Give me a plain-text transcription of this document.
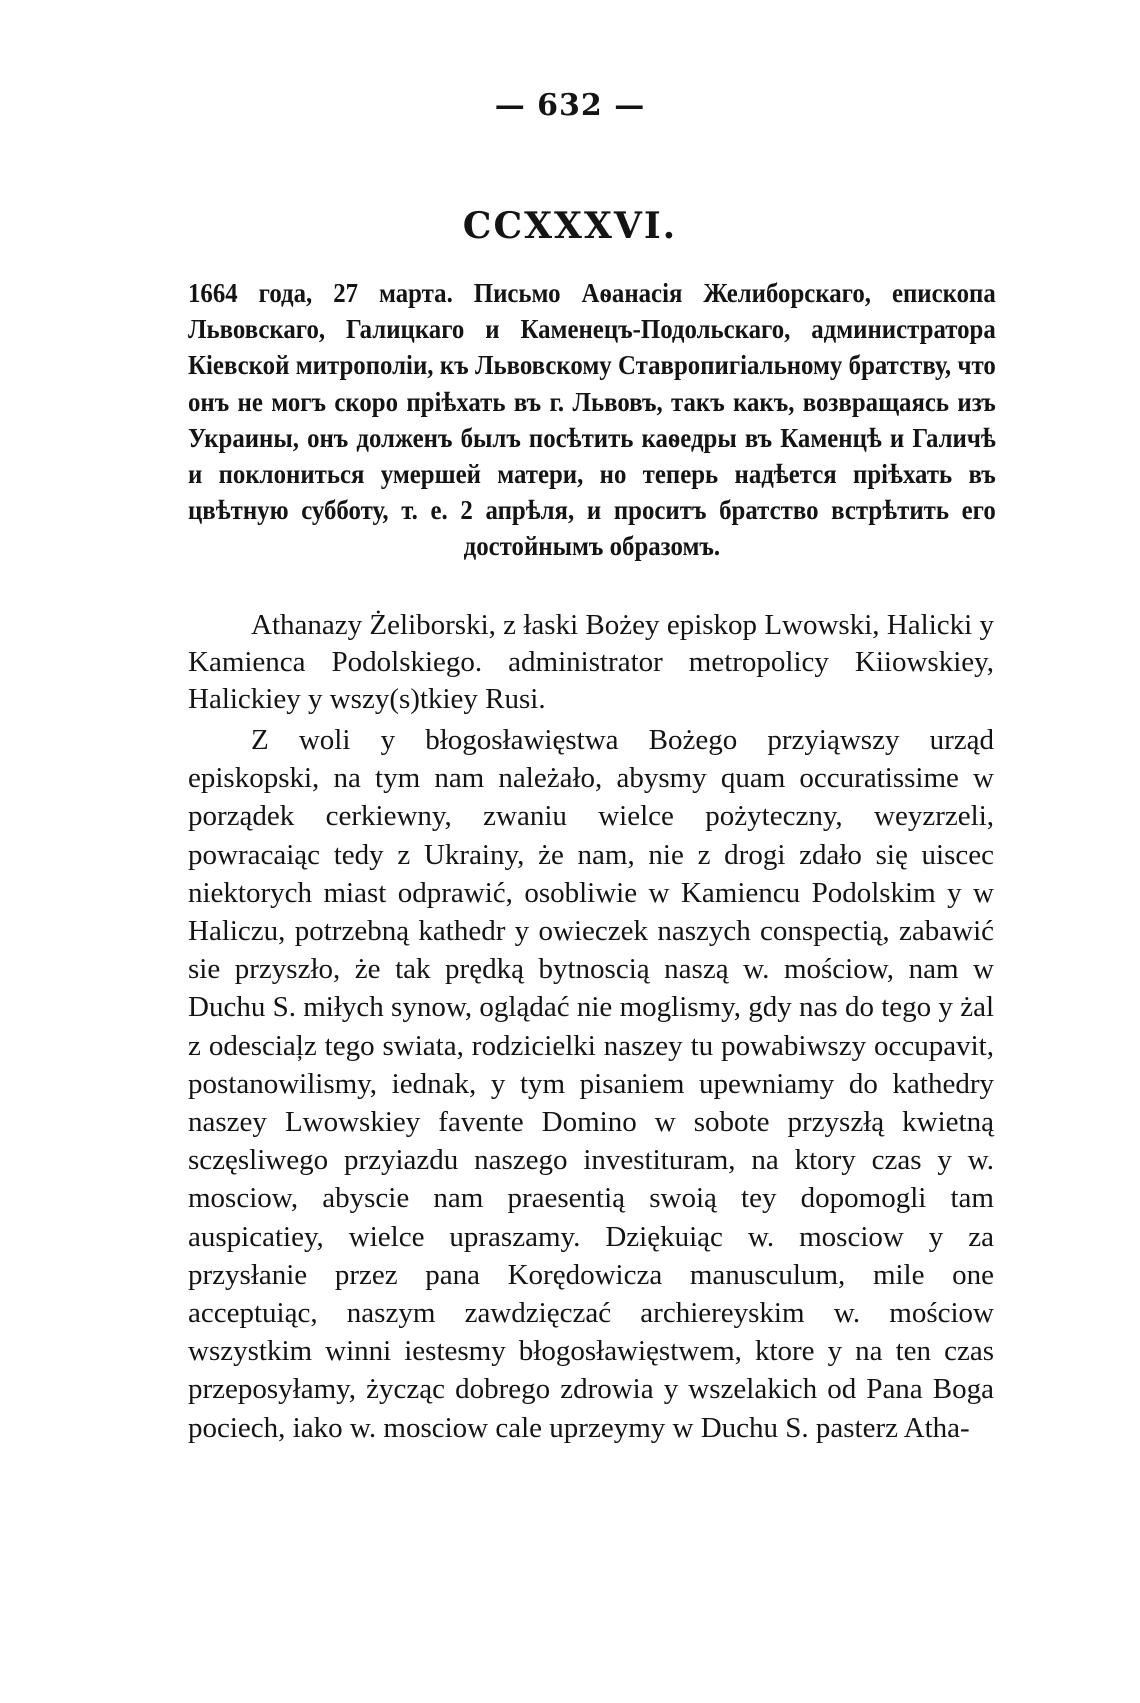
— 632 —
CCXXXVI.
1664 года, 27 марта. Письмо Аѳанасія Желиборскаго, епископа Львовскаго, Галицкаго и Каменецъ-Подольскаго, администратора Кіевской митрополіи, къ Львовскому Ставропигіальному братству, что онъ не могъ скоро пріѣхать въ г. Львовъ, такъ какъ, возвращаясь изъ Украины, онъ долженъ былъ посѣтить каѳедры въ Каменцѣ и Галичѣ и поклониться умершей матери, но теперь надѣется пріѣхать въ цвѣтную субботу, т. е. 2 апрѣля, и проситъ братство встрѣтить его достойнымъ образомъ.
Athanazy Żeliborski, z łaski Bożey episkop Lwowski, Halicki y Kamienca Podolskiego. administrator metropolicy Kiiowskiey, Halickiey y wszy(s)tkiey Rusi.
Z woli y błogosławięstwa Bożego przyiąwszy urząd episkopski, na tym nam należało, abysmy quam occuratissime w porządek cerkiewny, zwaniu wielce pożyteczny, weyzrzeli, powracaiąc tedy z Ukrainy, że nam, nie z drogi zdało się uiscec niektorych miast odprawić, osobliwie w Kamiencu Podolskim y w Haliczu, potrzebną kathedr y owieczek naszych conspectią, zabawić sie przyszło, że tak prędką bytnoscią naszą w. mościow, nam w Duchu S. miłych synow, oglądać nie mоglismy, gdy nas do tego y żal z odesciaļz tego swiata, rodzicielki naszey tu powabiwszy occupavit, postanowilismy, iednak, y tym pisaniem upewniamy do kathedry naszey Lwowskiey favente Domino w sobote przyszłą kwietną sczęsliwego przyiazdu naszego investituram, na ktory czas y w. mosciow, abyscie nam praesentią swoią tey dopomogli tam auspicatiey, wielce upraszamy. Dziękuiąc w. mosciow y za przysłanie przez pana Korędowicza manusculum, mile one acceptuiąc, naszym zawdzięczać archiereyskim w. mościow wszystkim winni iestesmy błogosławięstwem, ktore y na ten czas przeposyłamy, życząc dobrego zdrowia y wszelakich od Pana Boga pociech, iako w. mosciow cale uprzeymy w Duchu S. pasterz Atha-
